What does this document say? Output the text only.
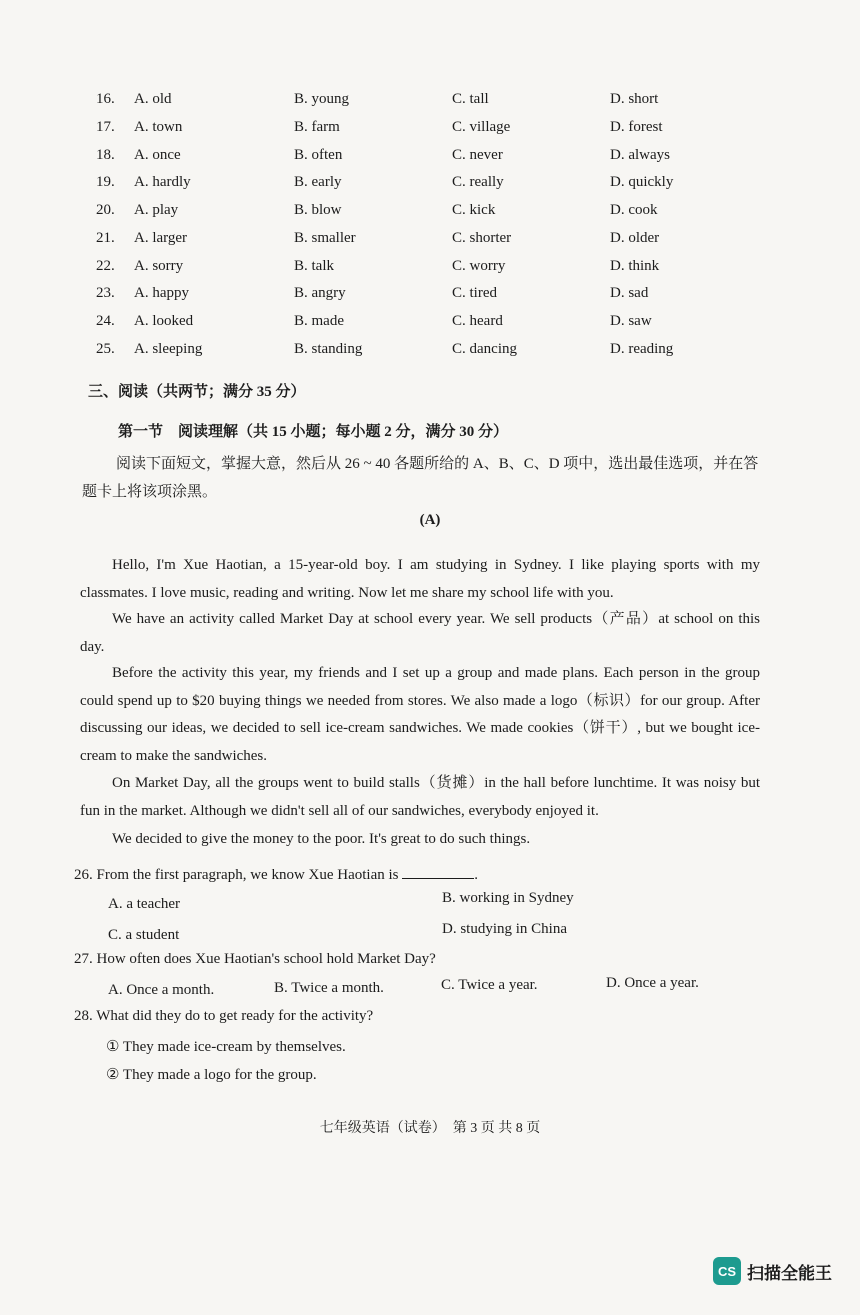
16. A. old	B. young	C. tall	D. short
17. A. town	B. farm	C. village	D. forest
18. A. once	B. often	C. never	D. always
19. A. hardly	B. early	C. really	D. quickly
20. A. play	B. blow	C. kick	D. cook
21. A. larger	B. smaller	C. shorter	D. older
22. A. sorry	B. talk	C. worry	D. think
23. A. happy	B. angry	C. tired	D. sad
24. A. looked	B. made	C. heard	D. saw
25. A. sleeping	B. standing	C. dancing	D. reading
三、阅读（共两节；满分 35 分）
第一节　阅读理解（共 15 小题；每小题 2 分，满分 30 分）
阅读下面短文，掌握大意，然后从 26 ~ 40 各题所给的 A、B、C、D 项中，选出最佳选项，并在答题卡上将该项涂黑。
(A)
Hello, I'm Xue Haotian, a 15-year-old boy. I am studying in Sydney. I like playing sports with my classmates. I love music, reading and writing. Now let me share my school life with you.
We have an activity called Market Day at school every year. We sell products（产品）at school on this day.
Before the activity this year, my friends and I set up a group and made plans. Each person in the group could spend up to $20 buying things we needed from stores. We also made a logo（标识）for our group. After discussing our ideas, we decided to sell ice-cream sandwiches. We made cookies（饼干）, but we bought ice-cream to make the sandwiches.
On Market Day, all the groups went to build stalls（货摊）in the hall before lunchtime. It was noisy but fun in the market. Although we didn't sell all of our sandwiches, everybody enjoyed it.
We decided to give the money to the poor. It's great to do such things.
26. From the first paragraph, we know Xue Haotian is	.
A. a teacher	B. working in Sydney
C. a student	D. studying in China
27. How often does Xue Haotian's school hold Market Day?
A. Once a month.	B. Twice a month.	C. Twice a year.	D. Once a year.
28. What did they do to get ready for the activity?
① They made ice-cream by themselves.
② They made a logo for the group.
七年级英语（试卷）　第 3 页 共 8 页
CS 扫描全能王
